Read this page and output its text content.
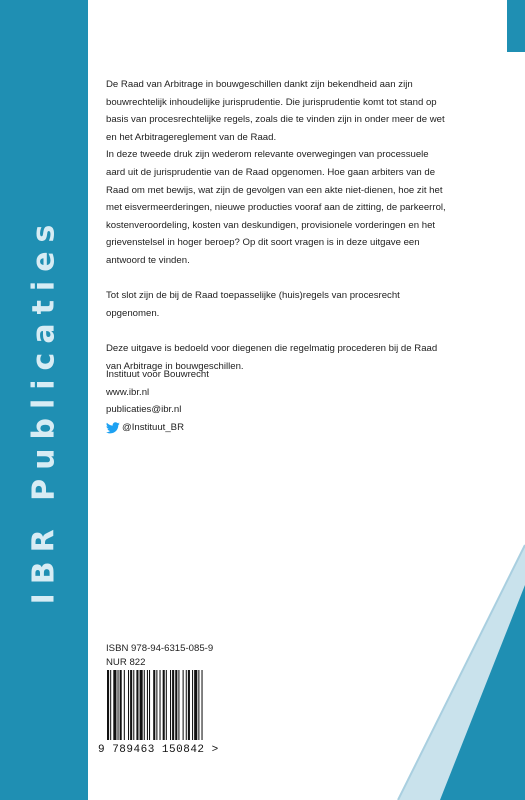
IBR Publicaties

De Raad van Arbitrage in bouwgeschillen dankt zijn bekendheid aan zijn bouwrechtelijk inhoudelijke jurisprudentie. Die jurisprudentie komt tot stand op basis van procesrechtelijke regels, zoals die te vinden zijn in onder meer de wet en het Arbitragereglement van de Raad.

In deze tweede druk zijn wederom relevante overwegingen van processuele aard uit de jurisprudentie van de Raad opgenomen. Hoe gaan arbiters van de Raad om met bewijs, wat zijn de gevolgen van een akte niet-dienen, hoe zit het met eisvermeerderingen, nieuwe producties vooraf aan de zitting, de parkeerrol, kostenveroordeling, kosten van deskundigen, provisionele vorderingen en het grievenstelsel in hoger beroep? Op dit soort vragen is in deze uitgave een antwoord te vinden.

Tot slot zijn de bij de Raad toepasselijke (huis)regels van procesrecht opgenomen.

Deze uitgave is bedoeld voor diegenen die regelmatig procederen bij de Raad van Arbitrage in bouwgeschillen.

Instituut voor Bouwrecht
www.ibr.nl
publicaties@ibr.nl
@Instituut_BR
ISBN 978-94-6315-085-9
NUR 822
9 789463 150842 >
